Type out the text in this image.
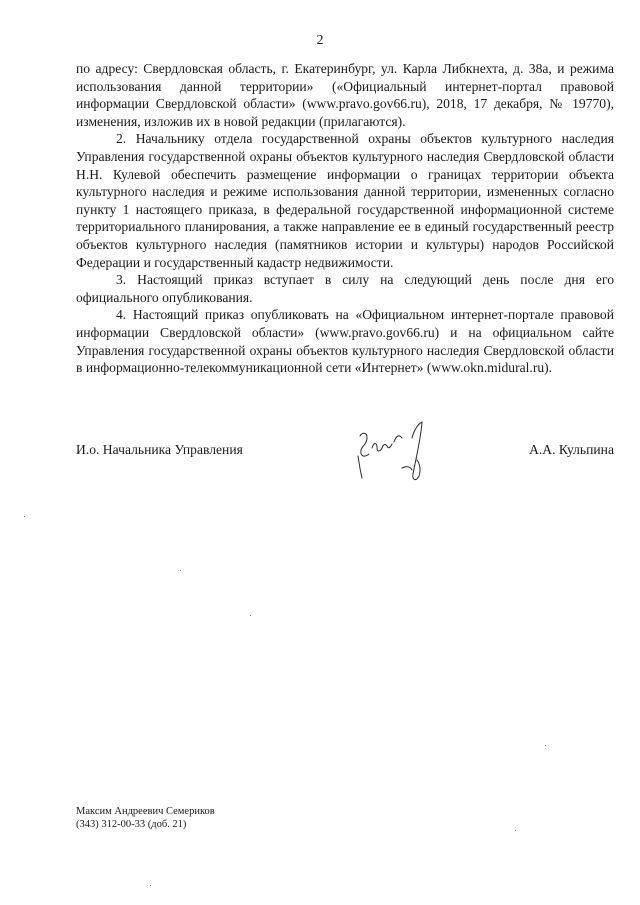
2

по адресу: Свердловская область, г. Екатеринбург, ул. Карла Либкнехта, д. 38а, и режима использования данной территории» («Официальный интернет-портал правовой информации Свердловской области» (www.pravo.gov66.ru), 2018, 17 декабря, № 19770), изменения, изложив их в новой редакции (прилагаются).

2. Начальнику отдела государственной охраны объектов культурного наследия Управления государственной охраны объектов культурного наследия Свердловской области Н.Н. Кулевой обеспечить размещение информации о границах территории объекта культурного наследия и режиме использования данной территории, измененных согласно пункту 1 настоящего приказа, в федеральной государственной информационной системе территориального планирования, а также направление ее в единый государственный реестр объектов культурного наследия (памятников истории и культуры) народов Российской Федерации и государственный кадастр недвижимости.

3. Настоящий приказ вступает в силу на следующий день после дня его официального опубликования.

4. Настоящий приказ опубликовать на «Официальном интернет-портале правовой информации Свердловской области» (www.pravo.gov66.ru) и на официальном сайте Управления государственной охраны объектов культурного наследия Свердловской области в информационно-телекоммуникационной сети «Интернет» (www.okn.midural.ru).

И.о. Начальника Управления	А.А. Кульпина
Максим Андреевич Семериков
(343) 312-00-33 (доб. 21)
